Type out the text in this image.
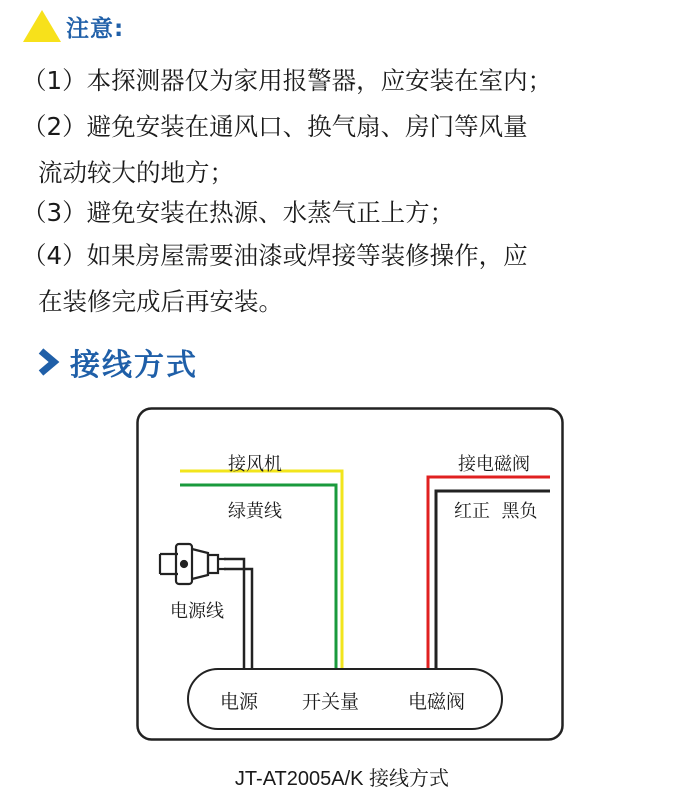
注意:
（1）本探测器仅为家用报警器，应安装在室内；
（2）避免安装在通风口、换气扇、房门等风量
流动较大的地方；
（3）避免安装在热源、水蒸气正上方；
（4）如果房屋需要油漆或焊接等装修操作，应
在装修完成后再安装。
接线方式
接风机
绿黄线
接电磁阀
红正  黑负
电源线
电源 开关量	电磁阀
JT-AT2005A/K 接线方式
